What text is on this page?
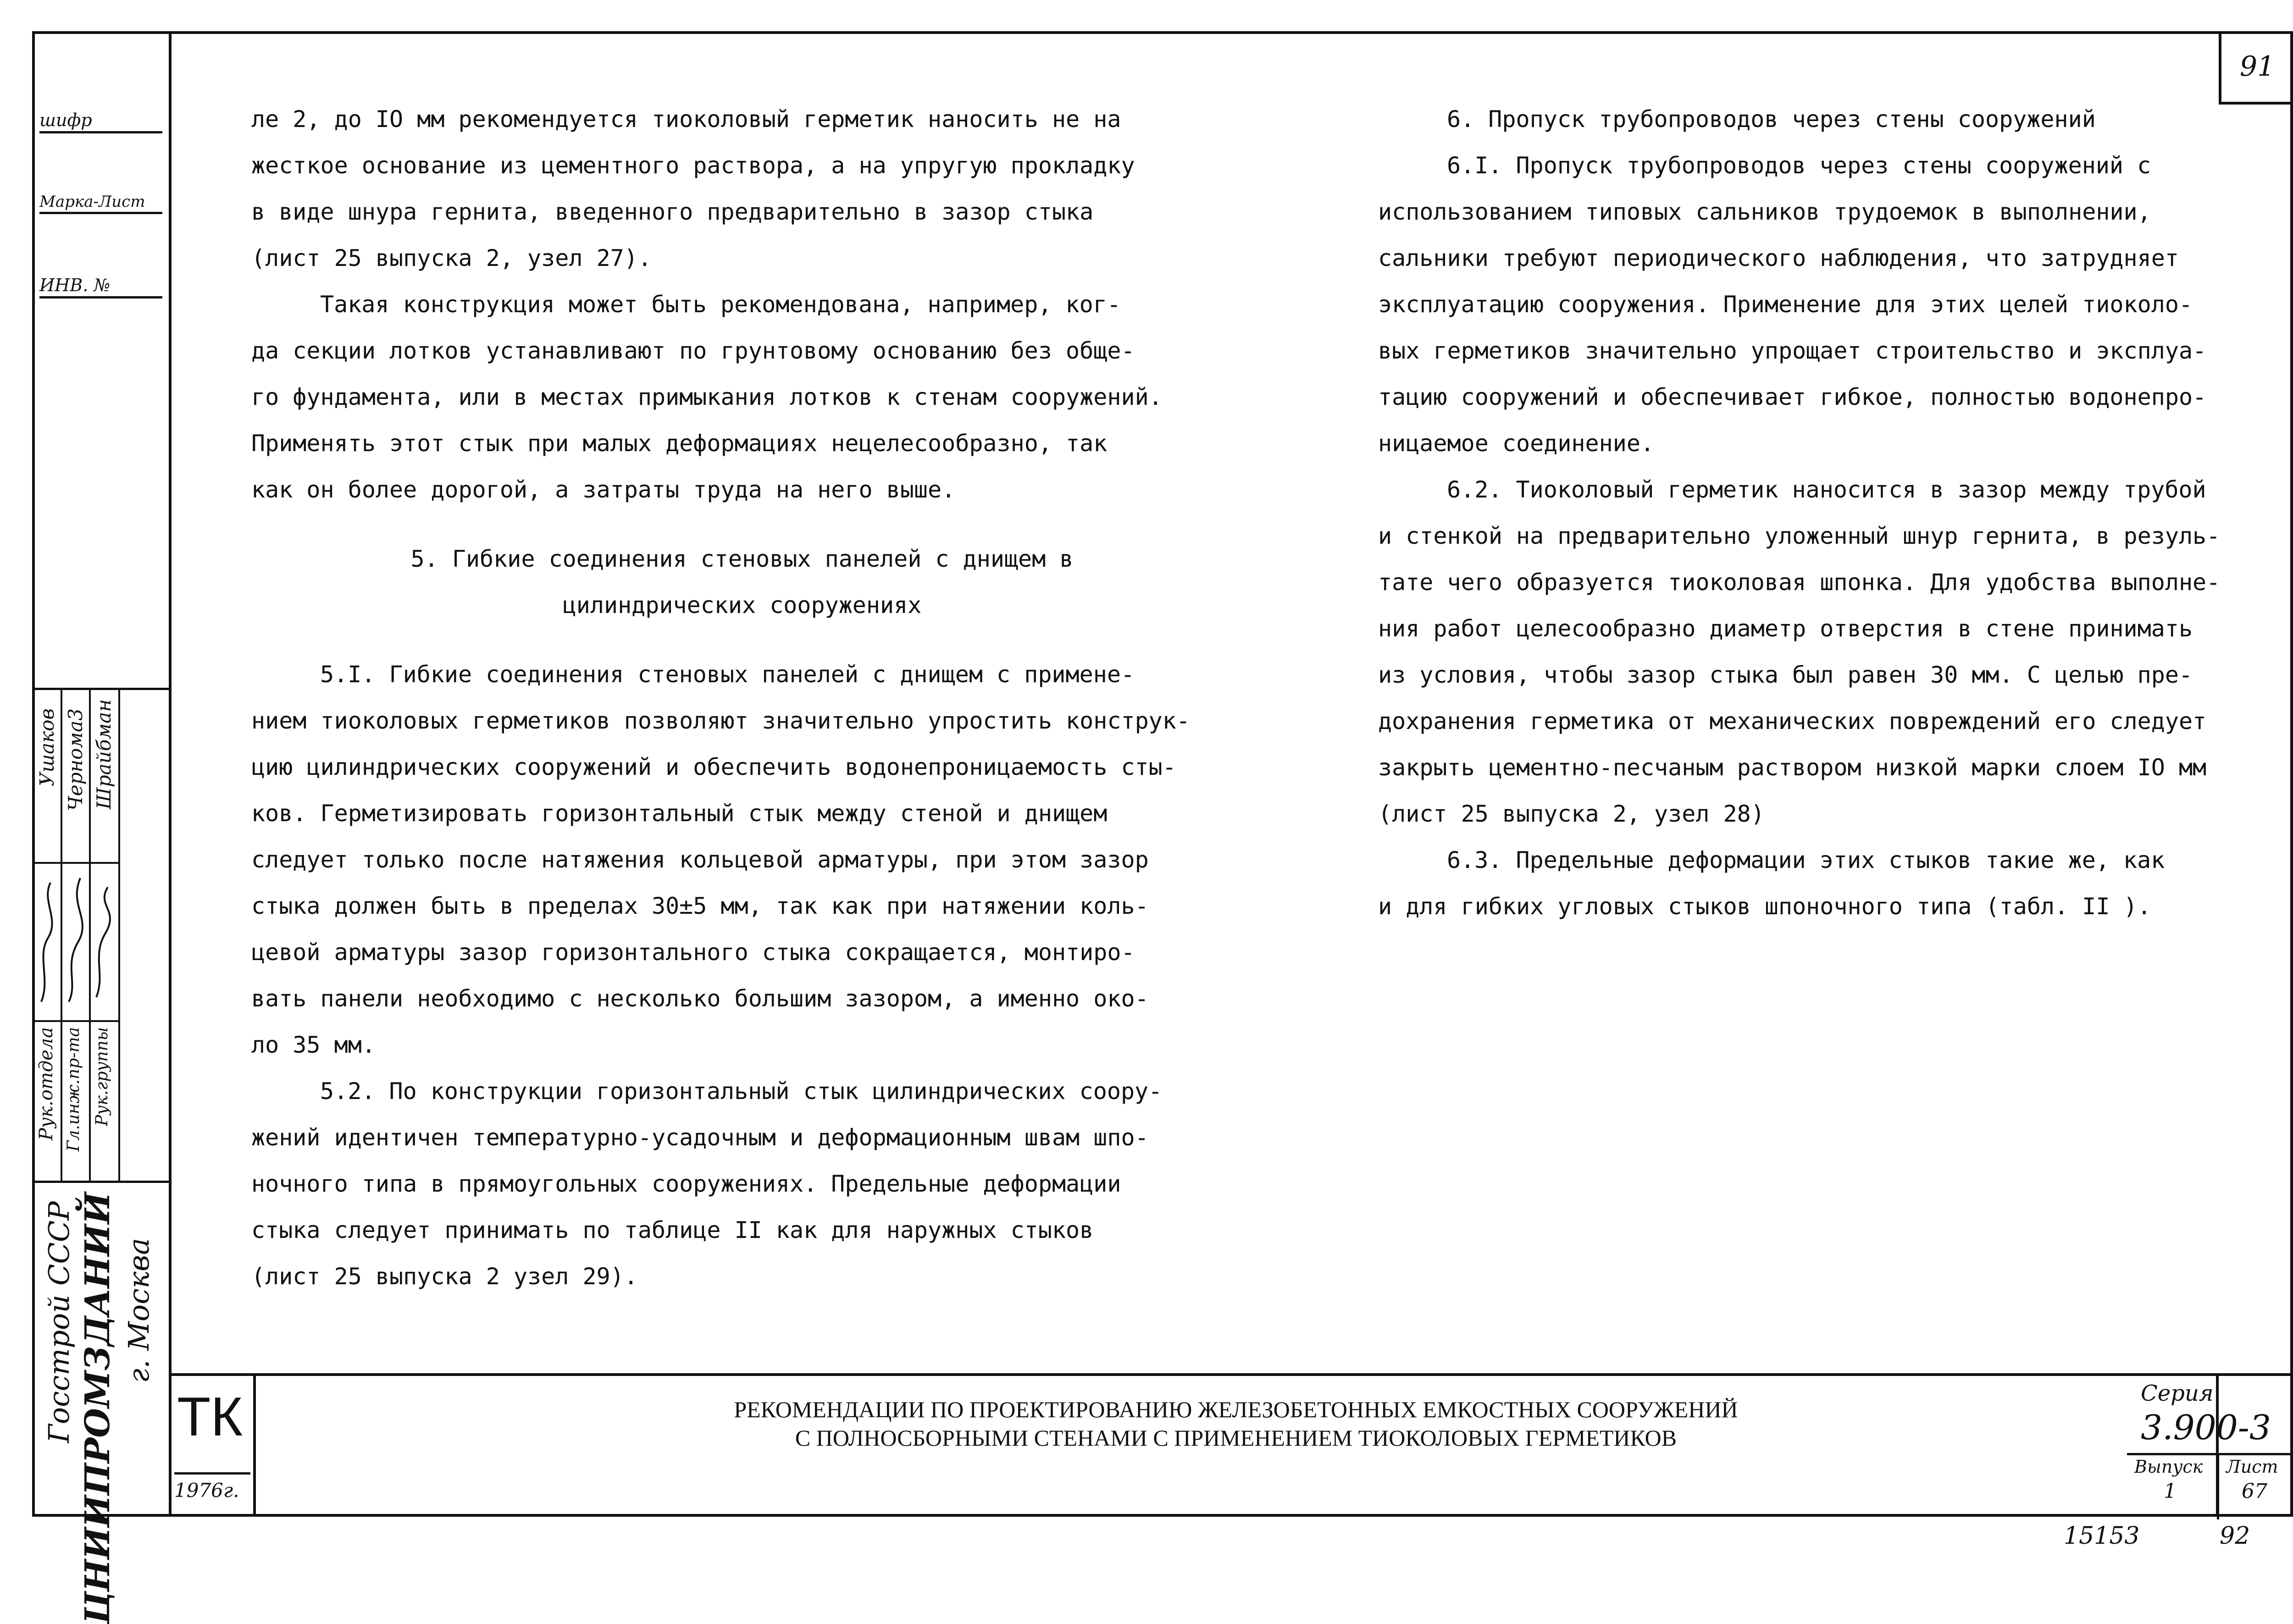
шифр
Марка-Лист
ИНВ. №
Рук.отдела Гл.инж.пр-та Рук.группы
Ушаков Чернома3 Шрайбман
Госстрой СССР ЦНИИПРОМЗДАНИЙ г. Москва
91

ле 2, до IO мм рекомендуется тиоколовый герметик наносить не на

жесткое основание из цементного раствора, а на упругую прокладку

в виде шнура гернита, введенного предварительно в зазор стыка

(лист 25 выпуска 2, узел 27).

Такая конструкция может быть рекомендована, например, ког-

да секции лотков устанавливают по грунтовому основанию без обще-

го фундамента, или в местах примыкания лотков к стенам сооружений.

Применять этот стык при малых деформациях нецелесообразно, так

как он более дорогой, а затраты труда на него выше.

5. Гибкие соединения стеновых панелей с днищем в

цилиндрических сооружениях

5.I. Гибкие соединения стеновых панелей с днищем с примене-

нием тиоколовых герметиков позволяют значительно упростить конструк-

цию цилиндрических сооружений и обеспечить водонепроницаемость сты-

ков. Герметизировать горизонтальный стык между стеной и днищем

следует только после натяжения кольцевой арматуры, при этом зазор

стыка должен быть в пределах 30±5 мм, так как при натяжении коль-

цевой арматуры зазор горизонтального стыка сокращается, монтиро-

вать панели необходимо с несколько большим зазором, а именно око-

ло 35 мм.

5.2. По конструкции горизонтальный стык цилиндрических соору-

жений идентичен температурно-усадочным и деформационным швам шпо-

ночного типа в прямоугольных сооружениях. Предельные деформации

стыка следует принимать по таблице II как для наружных стыков

(лист 25 выпуска 2 узел 29).

6. Пропуск трубопроводов через стены сооружений

6.I. Пропуск трубопроводов через стены сооружений с

использованием типовых сальников трудоемок в выполнении,

сальники требуют периодического наблюдения, что затрудняет

эксплуатацию сооружения. Применение для этих целей тиоколо-

вых герметиков значительно упрощает строительство и эксплуа-

тацию сооружений и обеспечивает гибкое, полностью водонепро-

ницаемое соединение.

6.2. Тиоколовый герметик наносится в зазор между трубой

и стенкой на предварительно уложенный шнур гернита, в резуль-

тате чего образуется тиоколовая шпонка. Для удобства выполне-

ния работ целесообразно диаметр отверстия в стене принимать

из условия, чтобы зазор стыка был равен 30 мм. С целью пре-

дохранения герметика от механических повреждений его следует

закрыть цементно-песчаным раствором низкой марки слоем IO мм

(лист 25 выпуска 2, узел 28)

6.3. Предельные деформации этих стыков такие же, как

и для гибких угловых стыков шпоночного типа (табл. II ).

ТК
1976г.
РЕКОМЕНДАЦИИ ПО ПРОЕКТИРОВАНИЮ ЖЕЛЕЗОБЕТОННЫХ ЕМКОСТНЫХ СООРУЖЕНИЙ
С ПОЛНОСБОРНЫМИ СТЕНАМИ С ПРИМЕНЕНИЕМ ТИОКОЛОВЫХ ГЕРМЕТИКОВ
Серия
3.900-3
Выпуск
1
Лист
67
15153	92
